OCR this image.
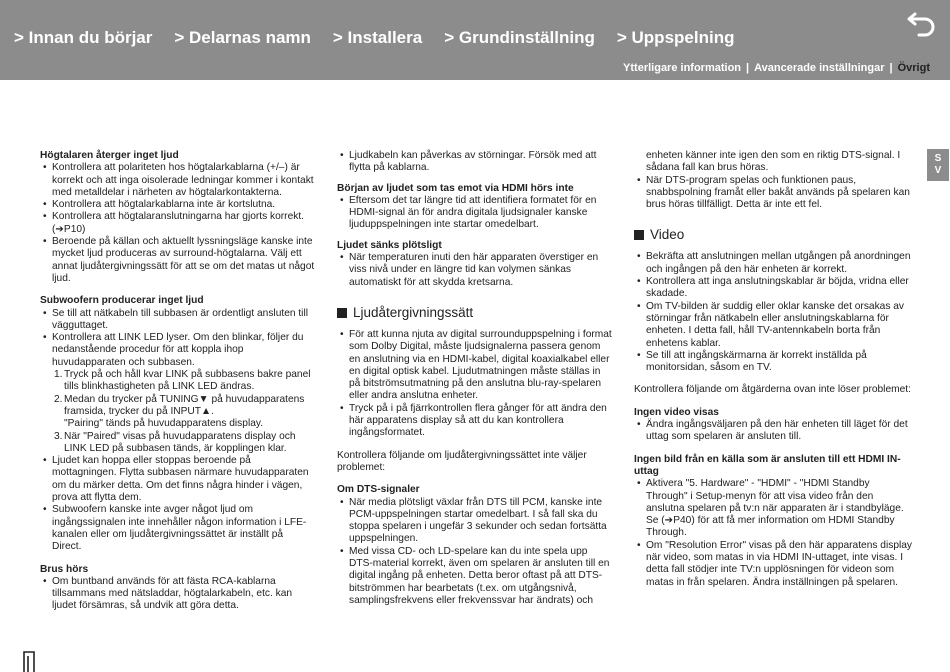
> Innan du börjar > Delarnas namn > Installera > Grundinställning > Uppspelning
Ytterligare information | Avancerade inställningar | Övrigt
S
V
Högtalaren återger inget ljud
• Kontrollera att polariteten hos högtalarkablarna (+/–) är korrekt och att inga oisolerade ledningar kommer i kontakt med metalldelar i närheten av högtalarkontakterna.
• Kontrollera att högtalarkablarna inte är kortslutna.
• Kontrollera att högtalaranslutningarna har gjorts korrekt. (➔P10)
• Beroende på källan och aktuellt lyssningsläge kanske inte mycket ljud produceras av surround-högtalarna. Välj ett annat ljudåtergivningssätt för att se om det matas ut något ljud.
Subwoofern producerar inget ljud
• Se till att nätkabeln till subbasen är ordentligt ansluten till vägguttaget.
• Kontrollera att LINK LED lyser. Om den blinkar, följer du nedanstående procedur för att koppla ihop huvudapparaten och subbasen.
1. Tryck på och håll kvar LINK på subbasens bakre panel tills blinkhastigheten på LINK LED ändras.
2. Medan du trycker på TUNING▼ på huvudapparatens framsida, trycker du på INPUT▲.
"Pairing" tänds på huvudapparatens display.
3. När "Paired" visas på huvudapparatens display och LINK LED på subbasen tänds, är kopplingen klar.
• Ljudet kan hoppa eller stoppas beroende på mottagningen. Flytta subbasen närmare huvudapparaten om du märker detta. Om det finns några hinder i vägen, prova att flytta dem.
• Subwoofern kanske inte avger något ljud om ingångssignalen inte innehåller någon information i LFE-kanalen eller om ljudåtergivningssättet är inställt på Direct.
Brus hörs
• Om buntband används för att fästa RCA-kablarna tillsammans med nätsladdar, högtalarkabeln, etc. kan ljudet försämras, så undvik att göra detta.
• Ljudkabeln kan påverkas av störningar. Försök med att flytta på kablarna.
Början av ljudet som tas emot via HDMI hörs inte
• Eftersom det tar längre tid att identifiera formatet för en HDMI-signal än för andra digitala ljudsignaler kanske ljuduppspelningen inte startar omedelbart.
Ljudet sänks plötsligt
• När temperaturen inuti den här apparaten överstiger en viss nivå under en längre tid kan volymen sänkas automatiskt för att skydda kretsarna.
Ljudåtergivningssätt
• För att kunna njuta av digital surrounduppspelning i format som Dolby Digital, måste ljudsignalerna passera genom en anslutning via en HDMI-kabel, digital koaxialkabel eller en digital optisk kabel. Ljudutmatningen måste ställas in på bitströmsutmatning på den anslutna blu-ray-spelaren eller andra anslutna enheter.
• Tryck på ⅰ på fjärrkontrollen flera gånger för att ändra den här apparatens display så att du kan kontrollera ingångsformatet.

Kontrollera följande om ljudåtergivningssättet inte väljer problemet:

Om DTS-signaler
• När media plötsligt växlar från DTS till PCM, kanske inte PCM-uppspelningen startar omedelbart. I så fall ska du stoppa spelaren i ungefär 3 sekunder och sedan fortsätta uppspelningen.
• Med vissa CD- och LD-spelare kan du inte spela upp DTS-material korrekt, även om spelaren är ansluten till en digital ingång på enheten. Detta beror oftast på att DTS-bitströmmen har bearbetats (t.ex. om utgångsnivå, samplingsfrekvens eller frekvenssvar har ändrats) och

enheten känner inte igen den som en riktig DTS-signal. I sådana fall kan brus höras.

• När DTS-program spelas och funktionen paus, snabbspolning framåt eller bakåt används på spelaren kan brus höras tillfälligt. Detta är inte ett fel.
Video
• Bekräfta att anslutningen mellan utgången på anordningen och ingången på den här enheten är korrekt.
• Kontrollera att inga anslutningskablar är böjda, vridna eller skadade.
• Om TV-bilden är suddig eller oklar kanske det orsakas av störningar från nätkabeln eller anslutningskablarna för enheten. I detta fall, håll TV-antennkabeln borta från enhetens kablar.
• Se till att ingångskärmarna är korrekt inställda på monitorsidan, såsom en TV.

Kontrollera följande om åtgärderna ovan inte löser problemet:

Ingen video visas
• Ändra ingångsväljaren på den här enheten till läget för det uttag som spelaren är ansluten till.
Ingen bild från en källa som är ansluten till ett HDMI IN-uttag
• Aktivera "5. Hardware" - "HDMI" - "HDMI Standby Through" i Setup-menyn för att visa video från den anslutna spelaren på tv:n när apparaten är i standbyläge. Se (➔P40) för att få mer information om HDMI Standby Through.
• Om "Resolution Error" visas på den här apparatens display när video, som matas in via HDMI IN-uttaget, inte visas. I detta fall stödjer inte TV:n upplösningen för videon som matas in från spelaren. Ändra inställningen på spelaren.
